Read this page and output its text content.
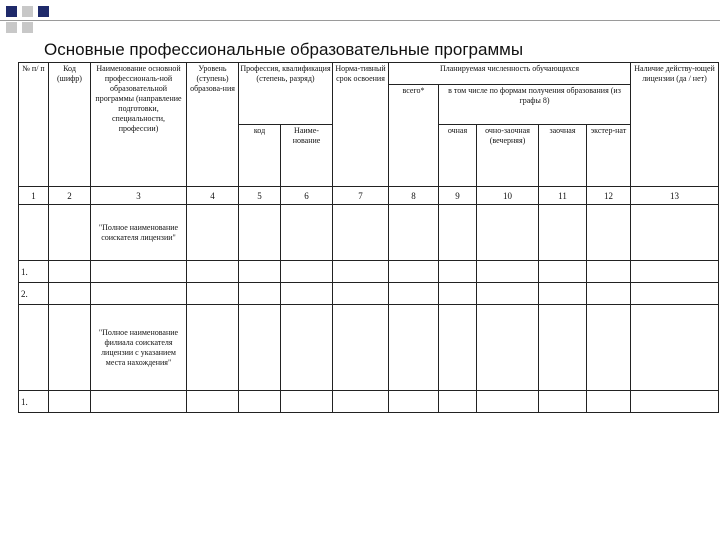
Основные профессиональные образовательные программы
№ п/ п	Код (шифр)	Наименование основной профессиональ-ной образовательной программы (направление подготовки, специальности, профессии)	Уровень (ступень) образова-ния	Профессия, квалификация (степень, разряд)		Норма-тивный срок освоения	Планируемая численность обучающихся					Наличие действу-ющей лицензии (да / нет)
							всего*	в том числе по формам получения образования (из графы 8)				
				код	Наиме-нование			очная	очно-заочная (вечерняя)	заочная	экстер-нат	
1	2	3	4	5	6	7	8	9	10	11	12	13
		"Полное наименование соискателя лицензии"										
1.												
2.												
		"Полное наименование филиала соискателя лицензии с указанием места нахождения"										
1.												
